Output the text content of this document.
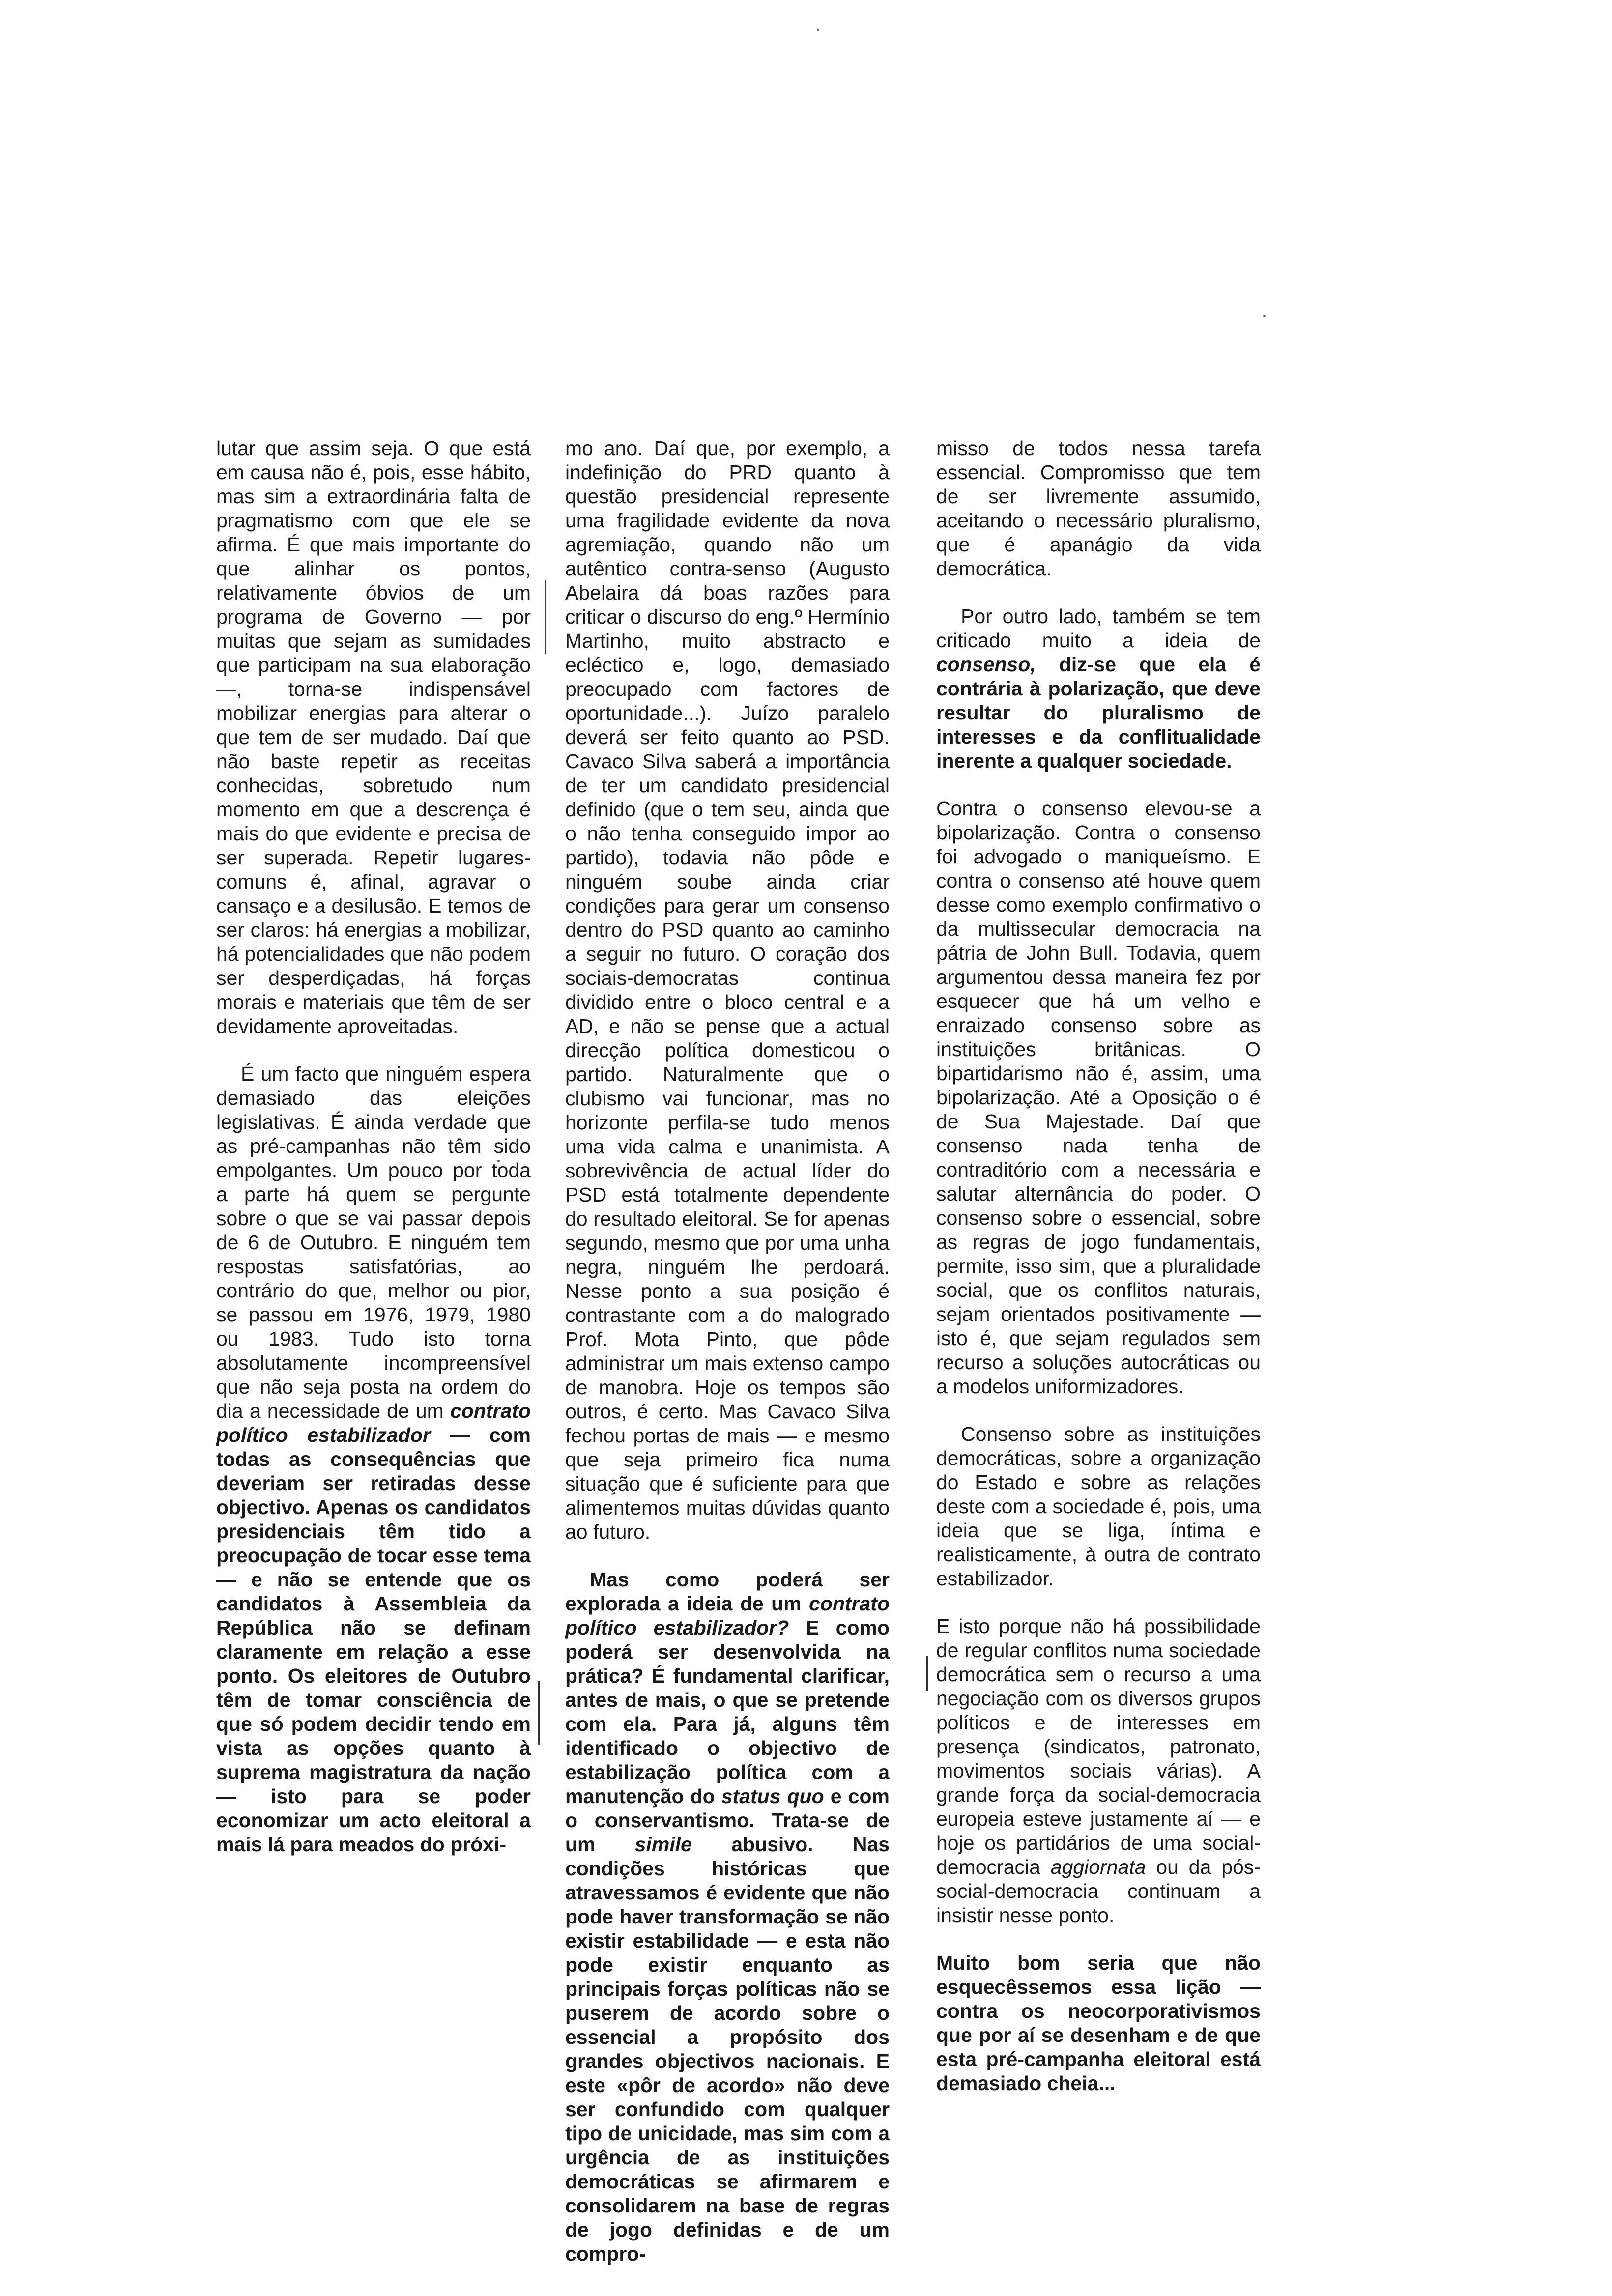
lutar que assim seja. O que está em causa não é, pois, esse hábito, mas sim a extraordinária falta de pragmatismo com que ele se afirma. É que mais importante do que alinhar os pontos, relativamente óbvios de um programa de Governo — por muitas que sejam as sumidades que participam na sua elaboração —, torna-se indispensável mobilizar energias para alterar o que tem de ser mudado. Daí que não baste repetir as receitas conhecidas, sobretudo num momento em que a descrença é mais do que evidente e precisa de ser superada. Repetir lugares-comuns é, afinal, agravar o cansaço e a desilusão. E temos de ser claros: há energias a mobilizar, há potencialidades que não podem ser desperdiçadas, há forças morais e materiais que têm de ser devidamente aproveitadas.

É um facto que ninguém espera demasiado das eleições legislativas. É ainda verdade que as pré-campanhas não têm sido empolgantes. Um pouco por toda a parte há quem se pergunte sobre o que se vai passar depois de 6 de Outubro. E ninguém tem respostas satisfatórias, ao contrário do que, melhor ou pior, se passou em 1976, 1979, 1980 ou 1983. Tudo isto torna absolutamente incompreensível que não seja posta na ordem do dia a necessidade de um contrato político estabilizador — com todas as consequências que deveriam ser retiradas desse objectivo. Apenas os candidatos presidenciais têm tido a preocupação de tocar esse tema — e não se entende que os candidatos à Assembleia da República não se definam claramente em relação a esse ponto. Os eleitores de Outubro têm de tomar consciência de que só podem decidir tendo em vista as opções quanto à suprema magistratura da nação — isto para se poder economizar um acto eleitoral a mais lá para meados do próxi-

mo ano. Daí que, por exemplo, a indefinição do PRD quanto à questão presidencial represente uma fragilidade evidente da nova agremiação, quando não um autêntico contra-senso (Augusto Abelaira dá boas razões para criticar o discurso do eng.º Hermínio Martinho, muito abstracto e ecléctico e, logo, demasiado preocupado com factores de oportunidade...). Juízo paralelo deverá ser feito quanto ao PSD. Cavaco Silva saberá a importância de ter um candidato presidencial definido (que o tem seu, ainda que o não tenha conseguido impor ao partido), todavia não pôde e ninguém soube ainda criar condições para gerar um consenso dentro do PSD quanto ao caminho a seguir no futuro. O coração dos sociais-democratas continua dividido entre o bloco central e a AD, e não se pense que a actual direcção política domesticou o partido. Naturalmente que o clubismo vai funcionar, mas no horizonte perfila-se tudo menos uma vida calma e unanimista. A sobrevivência de actual líder do PSD está totalmente dependente do resultado eleitoral. Se for apenas segundo, mesmo que por uma unha negra, ninguém lhe perdoará. Nesse ponto a sua posição é contrastante com a do malogrado Prof. Mota Pinto, que pôde administrar um mais extenso campo de manobra. Hoje os tempos são outros, é certo. Mas Cavaco Silva fechou portas de mais — e mesmo que seja primeiro fica numa situação que é suficiente para que alimentemos muitas dúvidas quanto ao futuro.

Mas como poderá ser explorada a ideia de um contrato político estabilizador? E como poderá ser desenvolvida na prática? É fundamental clarificar, antes de mais, o que se pretende com ela. Para já, alguns têm identificado o objectivo de estabilização política com a manutenção do status quo e com o conservantismo. Trata-se de um simile abusivo. Nas condições históricas que atravessamos é evidente que não pode haver transformação se não existir estabilidade — e esta não pode existir enquanto as principais forças políticas não se puserem de acordo sobre o essencial a propósito dos grandes objectivos nacionais. E este «pôr de acordo» não deve ser confundido com qualquer tipo de unicidade, mas sim com a urgência de as instituições democráticas se afirmarem e consolidarem na base de regras de jogo definidas e de um compro-

misso de todos nessa tarefa essencial. Compromisso que tem de ser livremente assumido, aceitando o necessário pluralismo, que é apanágio da vida democrática.

Por outro lado, também se tem criticado muito a ideia de consenso, diz-se que ela é contrária à polarização, que deve resultar do pluralismo de interesses e da conflitualidade inerente a qualquer sociedade.

Contra o consenso elevou-se a bipolarização. Contra o consenso foi advogado o maniqueísmo. E contra o consenso até houve quem desse como exemplo confirmativo o da multissecular democracia na pátria de John Bull. Todavia, quem argumentou dessa maneira fez por esquecer que há um velho e enraizado consenso sobre as instituições britânicas. O bipartidarismo não é, assim, uma bipolarização. Até a Oposição o é de Sua Majestade. Daí que consenso nada tenha de contraditório com a necessária e salutar alternância do poder. O consenso sobre o essencial, sobre as regras de jogo fundamentais, permite, isso sim, que a pluralidade social, que os conflitos naturais, sejam orientados positivamente — isto é, que sejam regulados sem recurso a soluções autocráticas ou a modelos uniformizadores.

Consenso sobre as instituições democráticas, sobre a organização do Estado e sobre as relações deste com a sociedade é, pois, uma ideia que se liga, íntima e realisticamente, à outra de contrato estabilizador.

E isto porque não há possibilidade de regular conflitos numa sociedade democrática sem o recurso a uma negociação com os diversos grupos políticos e de interesses em presença (sindicatos, patronato, movimentos sociais várias). A grande força da social-democracia europeia esteve justamente aí — e hoje os partidários de uma social-democracia aggiornata ou da pós-social-democracia continuam a insistir nesse ponto.

Muito bom seria que não esquecêssemos essa lição — contra os neocorporativismos que por aí se desenham e de que esta pré-campanha eleitoral está demasiado cheia...
